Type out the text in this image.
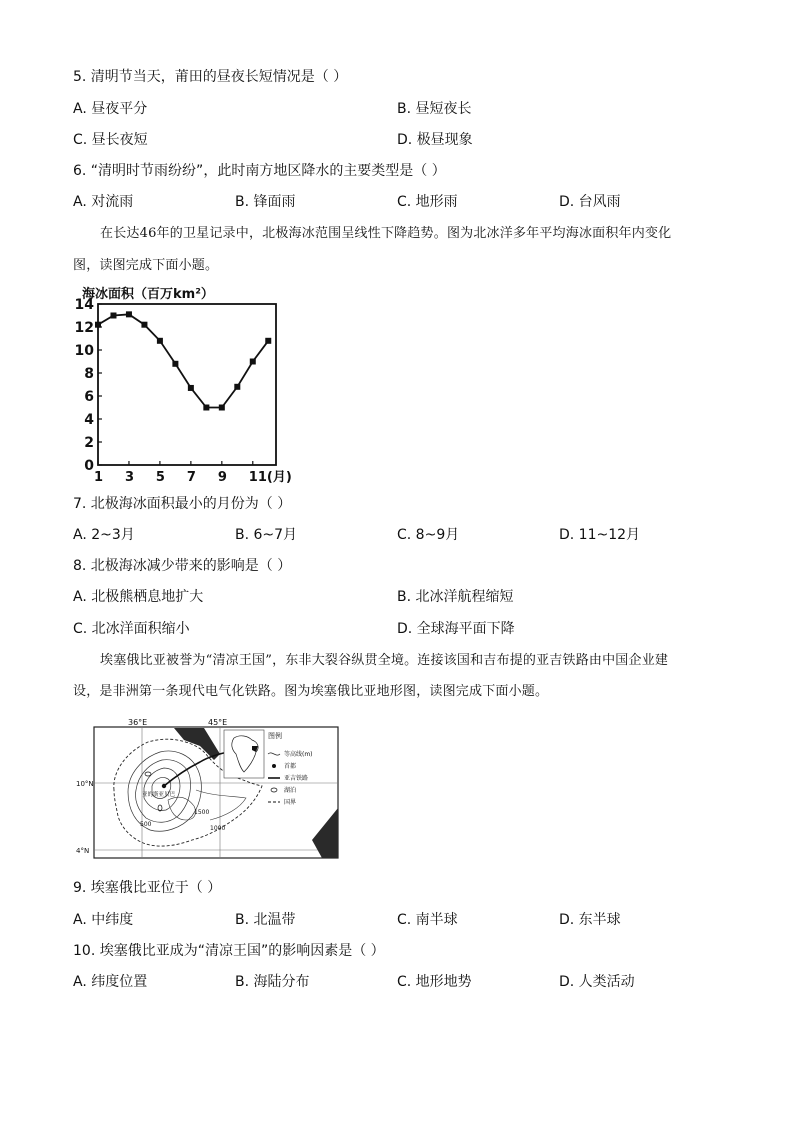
5. 清明节当天，莆田的昼夜长短情况是（ ）
A. 昼夜平分	B. 昼短夜长
C. 昼长夜短	D. 极昼现象
6. “清明时节雨纷纷”，此时南方地区降水的主要类型是（ ）
A. 对流雨	B. 锋面雨	C. 地形雨	D. 台风雨
在长达46年的卫星记录中，北极海冰范围呈线性下降趋势。图为北冰洋多年平均海冰面积年内变化
图，读图完成下面小题。
海冰面积（百万km²）
0
2
4
6
8
10
12
14
1 3 5 7 9 11(月)
7. 北极海冰面积最小的月份为（ ）
A. 2~3月	B. 6~7月	C. 8~9月	D. 11~12月
8. 北极海冰减少带来的影响是（ ）
A. 北极熊栖息地扩大	B. 北冰洋航程缩短
C. 北冰洋面积缩小	D. 全球海平面下降
埃塞俄比亚被誉为“清凉王国”，东非大裂谷纵贯全境。连接该国和吉布提的亚吉铁路由中国企业建
设，是非洲第一条现代电气化铁路。图为埃塞俄比亚地形图，读图完成下面小题。
36°E	45°E
10°N
4°N
亚的斯亚贝巴
1500
1000
500
图例
等高线(m)
首都
亚吉铁路
湖泊
国界
9. 埃塞俄比亚位于（ ）
A. 中纬度	B. 北温带	C. 南半球	D. 东半球
10. 埃塞俄比亚成为“清凉王国”的影响因素是（ ）
A. 纬度位置	B. 海陆分布	C. 地形地势	D. 人类活动
